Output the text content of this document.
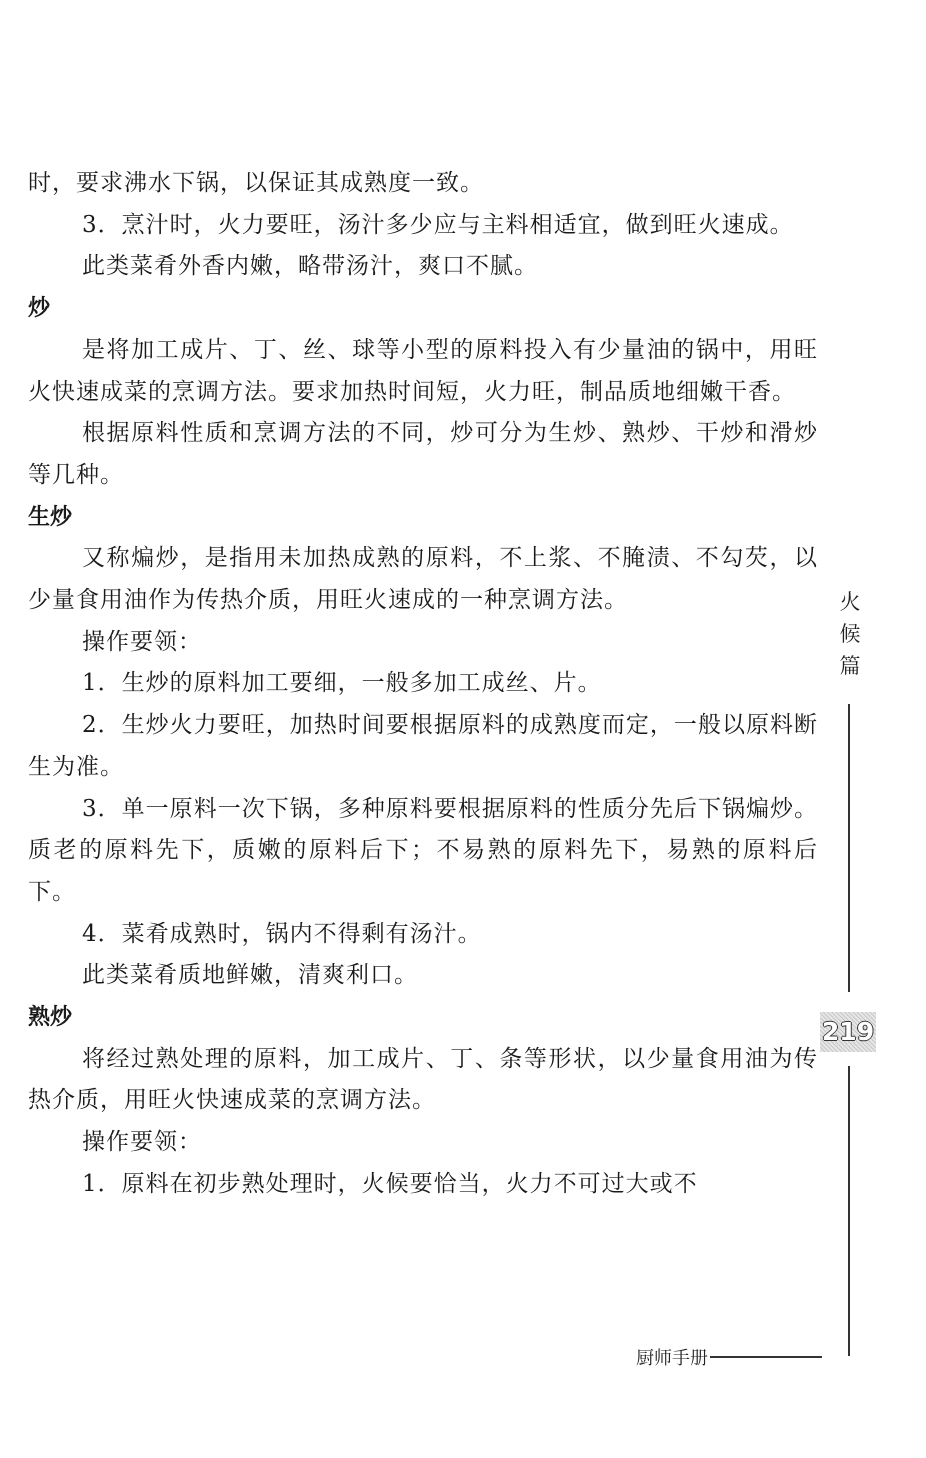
时，要求沸水下锅，以保证其成熟度一致。

3．烹汁时，火力要旺，汤汁多少应与主料相适宜，做到旺火速成。

此类菜肴外香内嫩，略带汤汁，爽口不腻。

炒

是将加工成片、丁、丝、球等小型的原料投入有少量油的锅中，用旺火快速成菜的烹调方法。要求加热时间短，火力旺，制品质地细嫩干香。

根据原料性质和烹调方法的不同，炒可分为生炒、熟炒、干炒和滑炒等几种。

生炒

又称煸炒，是指用未加热成熟的原料，不上浆、不腌渍、不勾芡，以少量食用油作为传热介质，用旺火速成的一种烹调方法。

操作要领：

1．生炒的原料加工要细，一般多加工成丝、片。

2．生炒火力要旺，加热时间要根据原料的成熟度而定，一般以原料断生为准。

3．单一原料一次下锅，多种原料要根据原料的性质分先后下锅煸炒。质老的原料先下，质嫩的原料后下；不易熟的原料先下，易熟的原料后下。

4．菜肴成熟时，锅内不得剩有汤汁。

此类菜肴质地鲜嫩，清爽利口。

熟炒

将经过熟处理的原料，加工成片、丁、条等形状，以少量食用油为传热介质，用旺火快速成菜的烹调方法。

操作要领：

1．原料在初步熟处理时，火候要恰当，火力不可过大或不

火
候
篇
219
厨师手册
